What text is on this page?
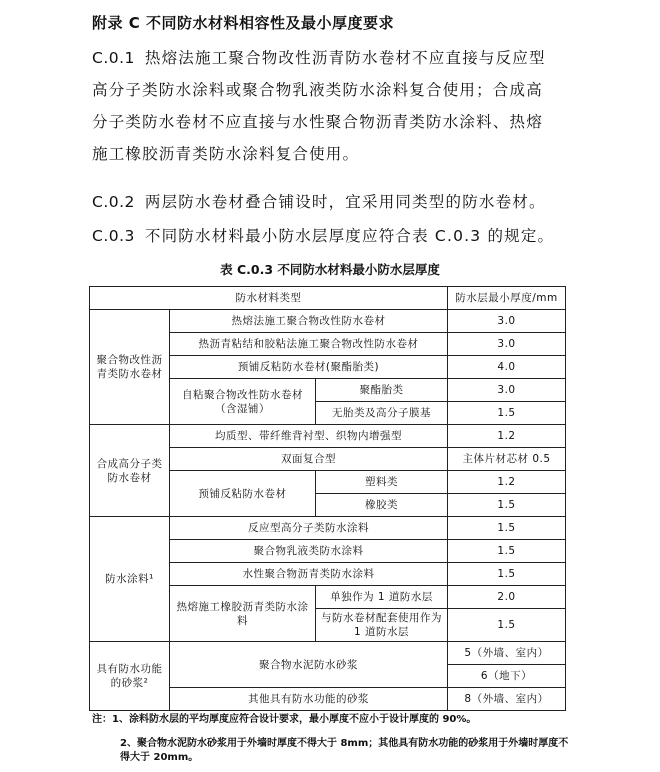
附录 C 不同防水材料相容性及最小厚度要求
C.0.1 热熔法施工聚合物改性沥青防水卷材不应直接与反应型
高分子类防水涂料或聚合物乳液类防水涂料复合使用；合成高
分子类防水卷材不应直接与水性聚合物沥青类防水涂料、热熔
施工橡胶沥青类防水涂料复合使用。
C.0.2 两层防水卷材叠合铺设时，宜采用同类型的防水卷材。
C.0.3 不同防水材料最小防水层厚度应符合表 C.0.3 的规定。
表 C.0.3 不同防水材料最小防水层厚度
防水材料类型			防水层最小厚度/mm
聚合物改性沥青类防水卷材	热熔法施工聚合物改性防水卷材		3.0
	热沥青粘结和胶粘法施工聚合物改性防水卷材		3.0
	预铺反粘防水卷材(聚酯胎类)		4.0
	自粘聚合物改性防水卷材（含湿铺）	聚酯胎类	3.0
		无胎类及高分子膜基	1.5
合成高分子类防水卷材	均质型、带纤维背衬型、织物内增强型		1.2
	双面复合型		主体片材芯材 0.5
	预铺反粘防水卷材	塑料类	1.2
		橡胶类	1.5
防水涂料¹	反应型高分子类防水涂料		1.5
	聚合物乳液类防水涂料		1.5
	水性聚合物沥青类防水涂料		1.5
	热熔施工橡胶沥青类防水涂料	单独作为 1 道防水层	2.0
		与防水卷材配套使用作为 1 道防水层	1.5
具有防水功能的砂浆²	聚合物水泥防水砂浆		5（外墙、室内）
			6（地下）
	其他具有防水功能的砂浆		8（外墙、室内）
注：1、涂料防水层的平均厚度应符合设计要求，最小厚度不应小于设计厚度的 90%。
2、聚合物水泥防水砂浆用于外墙时厚度不得大于 8mm；其他具有防水功能的砂浆用于外墙时厚度不得大于 20mm。
